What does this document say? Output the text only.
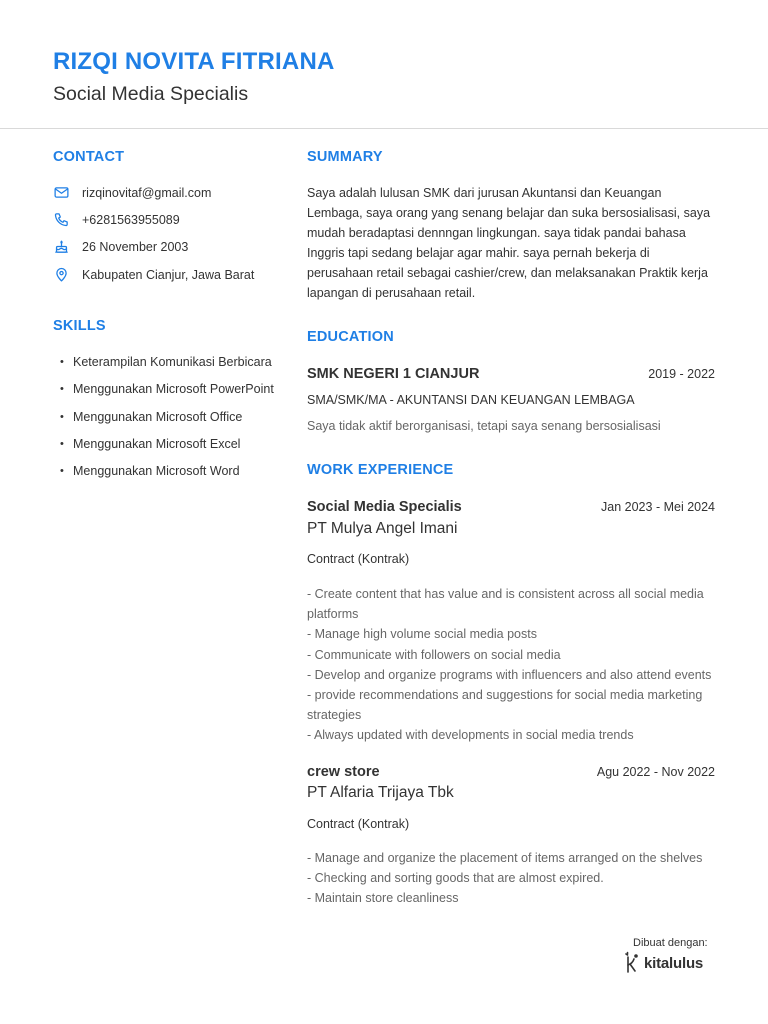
RIZQI NOVITA FITRIANA
Social Media Specialis
CONTACT
rizqinovitaf@gmail.com
+6281563955089
26 November 2003
Kabupaten Cianjur, Jawa Barat
SKILLS
• Keterampilan Komunikasi Berbicara
• Menggunakan Microsoft PowerPoint
• Menggunakan Microsoft Office
• Menggunakan Microsoft Excel
• Menggunakan Microsoft Word
SUMMARY

Saya adalah lulusan SMK dari jurusan Akuntansi dan Keuangan Lembaga, saya orang yang senang belajar dan suka bersosialisasi, saya mudah beradaptasi dennngan lingkungan. saya tidak pandai bahasa Inggris tapi sedang belajar agar mahir. saya pernah bekerja di perusahaan retail sebagai cashier/crew, dan melaksanakan Praktik kerja lapangan di perusahaan retail.

EDUCATION
SMK NEGERI 1 CIANJUR	2019 - 2022

SMA/SMK/MA - AKUNTANSI DAN KEUANGAN LEMBAGA

Saya tidak aktif berorganisasi, tetapi saya senang bersosialisasi

WORK EXPERIENCE
Social Media Specialis	Jan 2023 - Mei 2024

PT Mulya Angel Imani

Contract (Kontrak)

- Create content that has value and is consistent across all social media platforms
- Manage high volume social media posts
- Communicate with followers on social media
- Develop and organize programs with influencers and also attend events
- provide recommendations and suggestions for social media marketing strategies
- Always updated with developments in social media trends
crew store	Agu 2022 - Nov 2022

PT Alfaria Trijaya Tbk

Contract (Kontrak)

- Manage and organize the placement of items arranged on the shelves
- Checking and sorting goods that are almost expired.
- Maintain store cleanliness
Dibuat dengan:
kitalulus
